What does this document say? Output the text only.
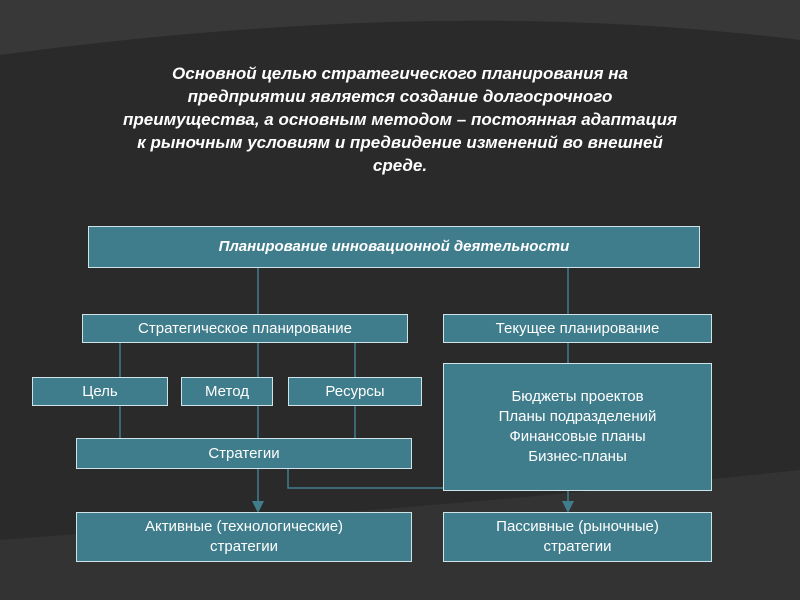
Основной целью стратегического планирования на
предприятии является создание долгосрочного
преимущества, а основным методом – постоянная адаптация
к рыночным условиям и предвидение изменений во внешней
среде.
Планирование инновационной деятельности
Стратегическое планирование	Текущее планирование
Цель	Метод	Ресурсы	Бюджеты проектов
Планы подразделений
Финансовые планы
Бизнес-планы
Стратегии
Активные (технологические)
стратегии
Пассивные (рыночные)
стратегии
